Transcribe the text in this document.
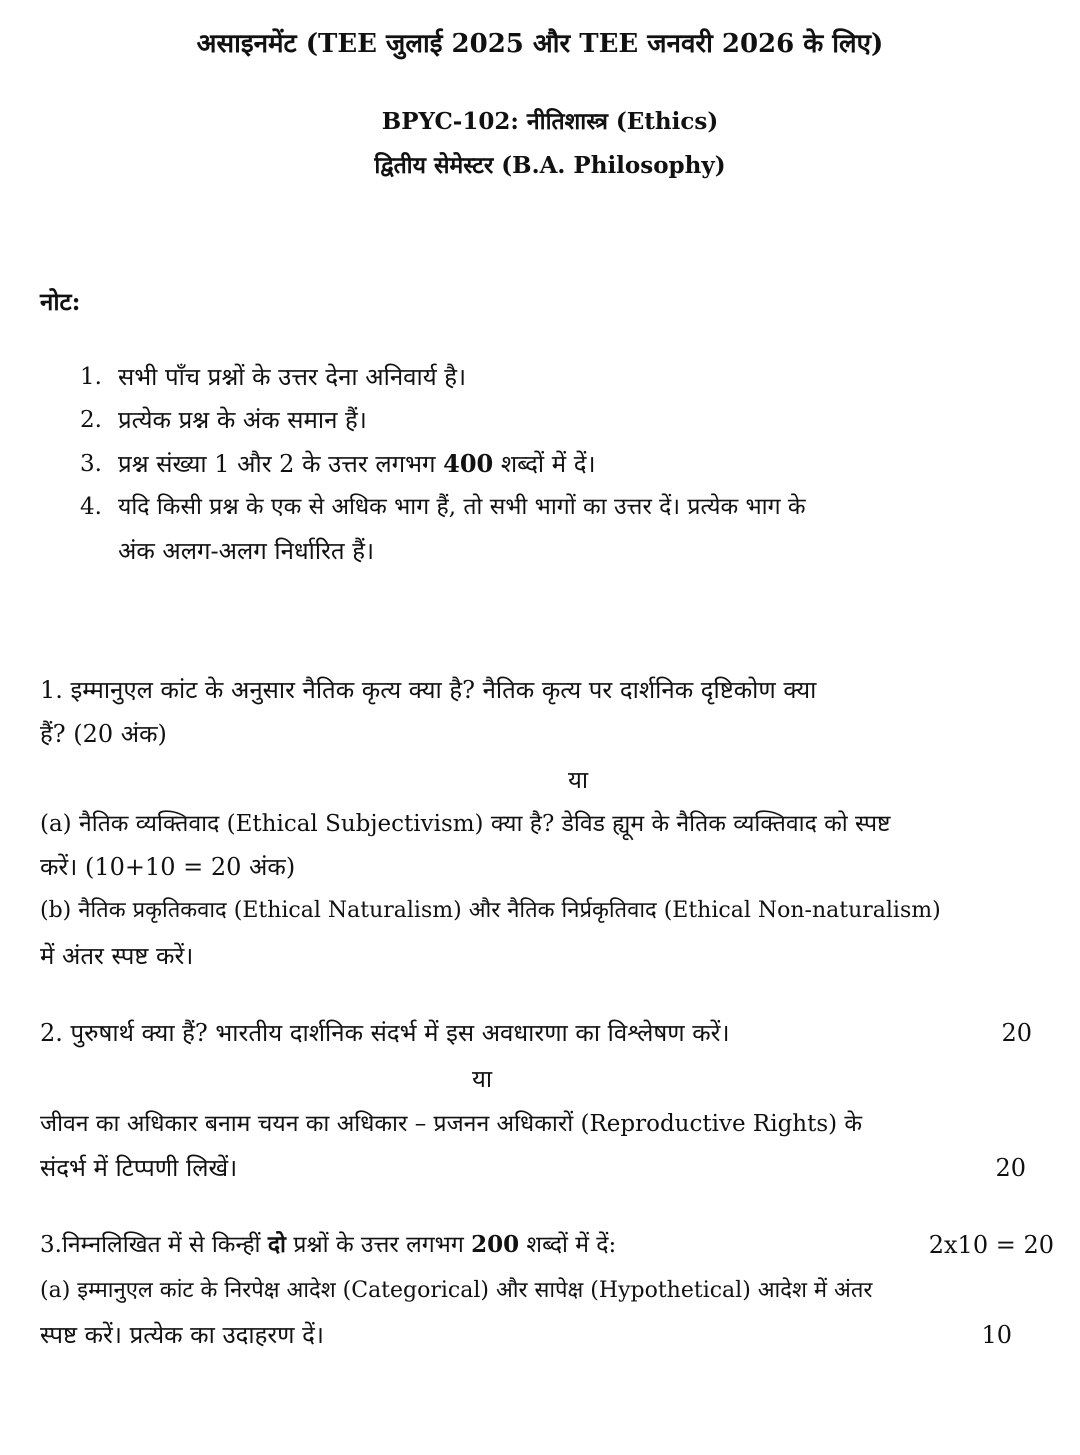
असाइनमेंट (TEE जुलाई 2025 और TEE जनवरी 2026 के लिए)
BPYC-102: नीतिशास्त्र (Ethics)
द्वितीय सेमेस्टर (B.A. Philosophy)
नोट:
1. सभी पाँच प्रश्नों के उत्तर देना अनिवार्य है।
2. प्रत्येक प्रश्न के अंक समान हैं।
3. प्रश्न संख्या 1 और 2 के उत्तर लगभग 400 शब्दों में दें।
4. यदि किसी प्रश्न के एक से अधिक भाग हैं, तो सभी भागों का उत्तर दें। प्रत्येक भाग के
अंक अलग-अलग निर्धारित हैं।
1. इम्मानुएल कांट के अनुसार नैतिक कृत्य क्या है? नैतिक कृत्य पर दार्शनिक दृष्टिकोण क्या
हैं? (20 अंक)
या
(a) नैतिक व्यक्तिवाद (Ethical Subjectivism) क्या है? डेविड ह्यूम के नैतिक व्यक्तिवाद को स्पष्ट
करें। (10+10 = 20 अंक)
(b) नैतिक प्रकृतिकवाद (Ethical Naturalism) और नैतिक निर्प्रकृतिवाद (Ethical Non-naturalism)
में अंतर स्पष्ट करें।
2. पुरुषार्थ क्या हैं? भारतीय दार्शनिक संदर्भ में इस अवधारणा का विश्लेषण करें।	20
या
जीवन का अधिकार बनाम चयन का अधिकार – प्रजनन अधिकारों (Reproductive Rights) के
संदर्भ में टिप्पणी लिखें।	20
3.निम्नलिखित में से किन्हीं दो प्रश्नों के उत्तर लगभग 200 शब्दों में दें:	2x10 = 20
(a) इम्मानुएल कांट के निरपेक्ष आदेश (Categorical) और सापेक्ष (Hypothetical) आदेश में अंतर
स्पष्ट करें। प्रत्येक का उदाहरण दें।	10
